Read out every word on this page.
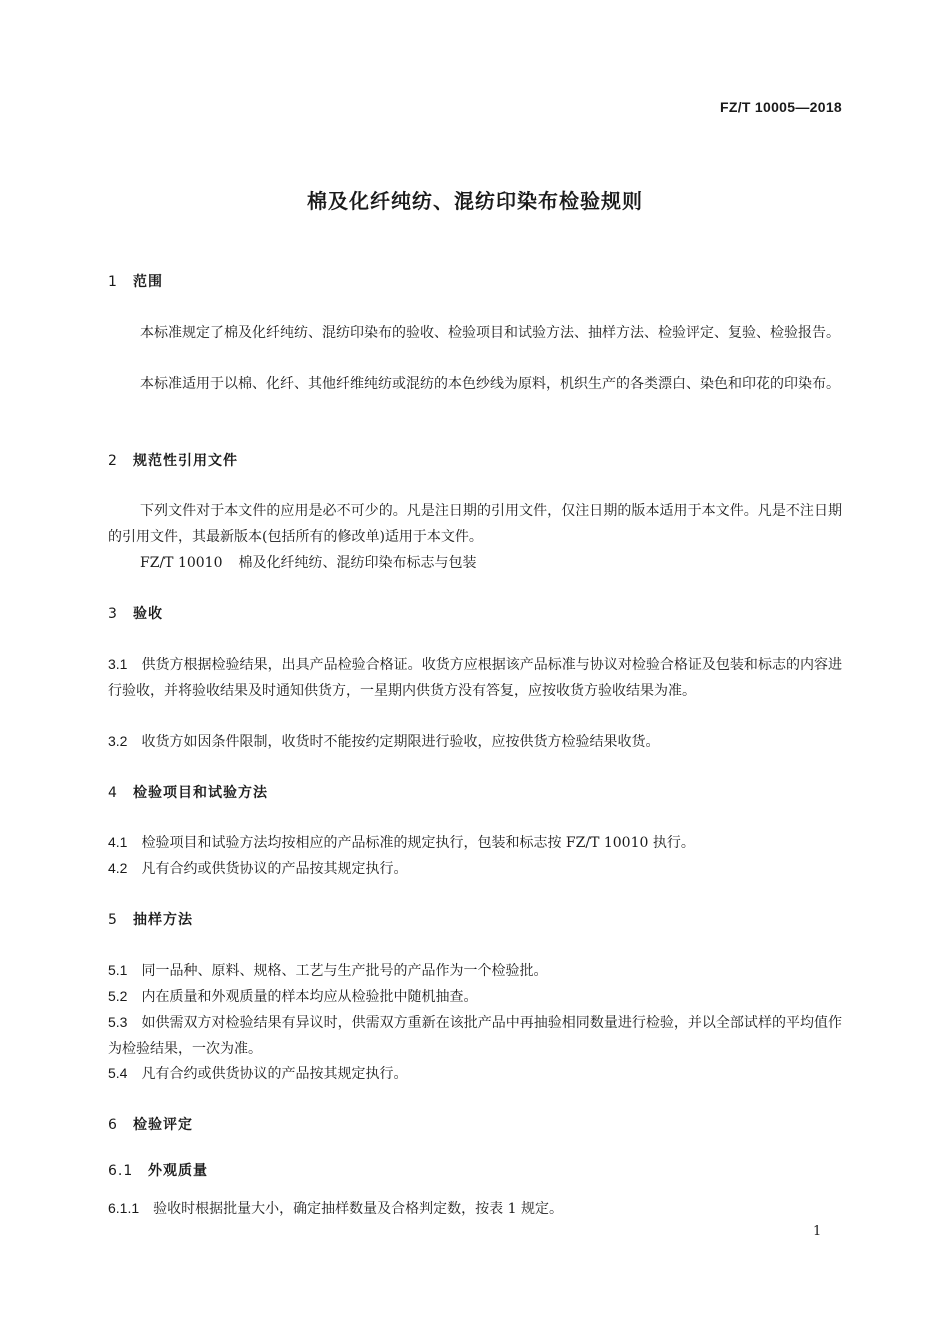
FZ/T 10005—2018
棉及化纤纯纺、混纺印染布检验规则
1 范围
本标准规定了棉及化纤纯纺、混纺印染布的验收、检验项目和试验方法、抽样方法、检验评定、复验、检验报告。
本标准适用于以棉、化纤、其他纤维纯纺或混纺的本色纱线为原料，机织生产的各类漂白、染色和印花的印染布。
2 规范性引用文件
下列文件对于本文件的应用是必不可少的。凡是注日期的引用文件，仅注日期的版本适用于本文件。凡是不注日期的引用文件，其最新版本(包括所有的修改单)适用于本文件。
FZ/T 10010 棉及化纤纯纺、混纺印染布标志与包装
3 验收
3.1 供货方根据检验结果，出具产品检验合格证。收货方应根据该产品标准与协议对检验合格证及包装和标志的内容进行验收，并将验收结果及时通知供货方，一星期内供货方没有答复，应按收货方验收结果为准。
3.2 收货方如因条件限制，收货时不能按约定期限进行验收，应按供货方检验结果收货。
4 检验项目和试验方法
4.1 检验项目和试验方法均按相应的产品标准的规定执行，包装和标志按 FZ/T 10010 执行。
4.2 凡有合约或供货协议的产品按其规定执行。
5 抽样方法
5.1 同一品种、原料、规格、工艺与生产批号的产品作为一个检验批。
5.2 内在质量和外观质量的样本均应从检验批中随机抽查。
5.3 如供需双方对检验结果有异议时，供需双方重新在该批产品中再抽验相同数量进行检验，并以全部试样的平均值作为检验结果，一次为准。
5.4 凡有合约或供货协议的产品按其规定执行。
6 检验评定
6.1 外观质量
6.1.1 验收时根据批量大小，确定抽样数量及合格判定数，按表 1 规定。
1
